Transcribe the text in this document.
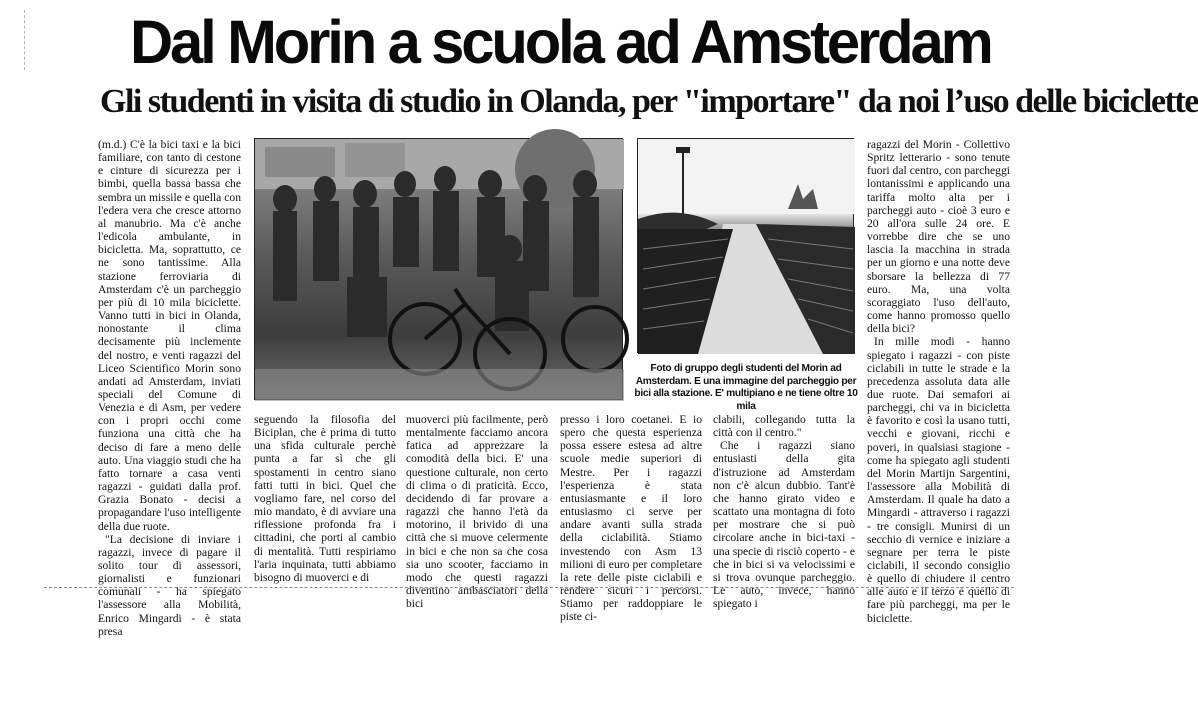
Dal Morin a scuola ad Amsterdam
Gli studenti in visita di studio in Olanda, per "importare" da noi l’uso delle biciclette

(m.d.) C'è la bici taxi e la bici familiare, con tanto di cestone e cinture di sicurezza per i bimbi, quella bassa bassa che sembra un missile e quella con l'edera vera che cresce attorno al manubrio. Ma c'è anche l'edicola ambulante, in bicicletta. Ma, soprattutto, ce ne sono tantissime. Alla stazione ferroviaria di Amsterdam c'è un parcheggio per più di 10 mila biciclette. Vanno tutti in bici in Olanda, nonostante il clima decisamente più inclemente del nostro, e venti ragazzi del Liceo Scientifico Morin sono andati ad Amsterdam, inviati speciali del Comune di Venezia e di Asm, per vedere con i propri occhi come funziona una città che ha deciso di fare a meno delle auto. Una viaggio studi che ha fatto tornare a casa venti ragazzi - guidati dalla prof. Grazia Bonato - decisi a propagandare l'uso intelligente della due ruote.

"La decisione di inviare i ragazzi, invece di pagare il solito tour di assessori, giornalisti e funzionari comunali - ha spiegato l'assessore alla Mobilità, Enrico Mingardi - è stata presa

Foto di gruppo degli studenti del Morin ad Amsterdam. E una immagine del parcheggio per bici alla stazione. E' multipiano e ne tiene oltre 10 mila

seguendo la filosofia del Biciplan, che è prima di tutto una sfida culturale perchè punta a far sì che gli spostamenti in centro siano fatti tutti in bici. Quel che vogliamo fare, nel corso del mio mandato, è di avviare una riflessione profonda fra i cittadini, che porti al cambio di mentalità. Tutti respiriamo l'aria inquinata, tutti abbiamo bisogno di muoverci e di

muoverci più facilmente, però mentalmente facciamo ancora fatica ad apprezzare la comodità della bici. E' una questione culturale, non certo di clima o di praticità. Ecco, decidendo di far provare a ragazzi che hanno l'età da motorino, il brivido di una città che si muove celermente in bici e che non sa che cosa sia uno scooter, facciamo in modo che questi ragazzi diventino ambasciatori della bici

presso i loro coetanei. E io spero che questa esperienza possa essere estesa ad altre scuole medie superiori di Mestre. Per i ragazzi l'esperienza è stata entusiasmante e il loro entusiasmo ci serve per andare avanti sulla strada della ciclabilità. Stiamo investendo con Asm 13 milioni di euro per completare la rete delle piste ciclabili e rendere sicuri i percorsi. Stiamo per raddoppiare le piste ci-

clabili, collegando tutta la città con il centro."

Che i ragazzi siano entusiasti della gita d'istruzione ad Amsterdam non c'è alcun dubbio. Tant'è che hanno girato video e scattato una montagna di foto per mostrare che si può circolare anche in bici-taxi - una specie di risciò coperto - e che in bici si va velocissimi e si trova ovunque parcheggio. Le auto, invece, hanno spiegato i

ragazzi del Morin - Collettivo Spritz letterario - sono tenute fuori dal centro, con parcheggi lontanissimi e applicando una tariffa molto alta per i parcheggi auto - cioè 3 euro e 20 all'ora sulle 24 ore. E vorrebbe dire che se uno lascia la macchina in strada per un giorno e una notte deve sborsare la bellezza di 77 euro. Ma, una volta scoraggiato l'uso dell'auto, come hanno promosso quello della bici?

In mille modi - hanno spiegato i ragazzi - con piste ciclabili in tutte le strade e la precedenza assoluta data alle due ruote. Dai semafori ai parcheggi, chi va in bicicletta è favorito e così la usano tutti, vecchi e giovani, ricchi e poveri, in qualsiasi stagione - come ha spiegato agli studenti del Morin Martijn Sargentini, l'assessore alla Mobilità di Amsterdam. Il quale ha dato a Mingardi - attraverso i ragazzi - tre consigli. Munirsi di un secchio di vernice e iniziare a segnare per terra le piste ciclabili, il secondo consiglio è quello di chiudere il centro alle auto e il terzo è quello di fare più parcheggi, ma per le biciclette.
